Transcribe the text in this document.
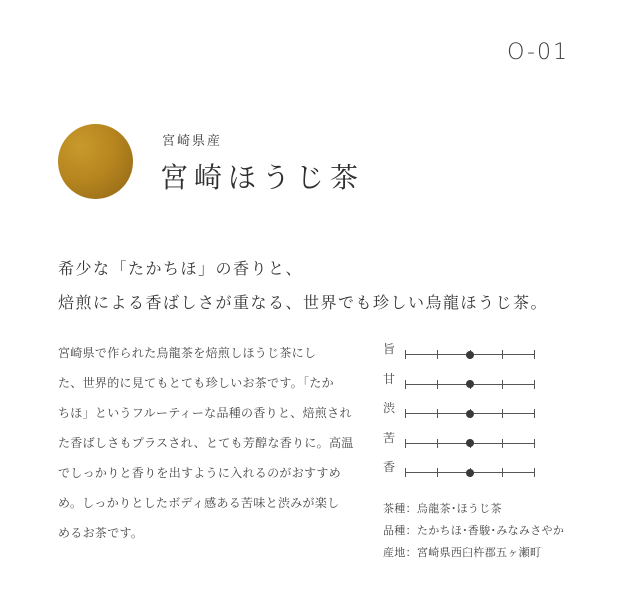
O-01
宮崎県産
宮崎ほうじ茶
希少な「たかちほ」の香りと、
焙煎による香ばしさが重なる、世界でも珍しい烏龍ほうじ茶。
宮崎県で作られた烏龍茶を焙煎しほうじ茶にし
た、世界的に見てもとても珍しいお茶です。「たか
ちほ」というフルーティーな品種の香りと、焙煎され
た香ばしさもプラスされ、とても芳醇な香りに。高温
でしっかりと香りを出すように入れるのがおすすめ
め。しっかりとしたボディ感ある苦味と渋みが楽し
めるお茶です。
旨
甘
渋
苦
香
茶種：烏龍茶･ほうじ茶
品種：たかちほ･香駿･みなみさやか
産地：宮崎県西臼杵郡五ヶ瀬町
